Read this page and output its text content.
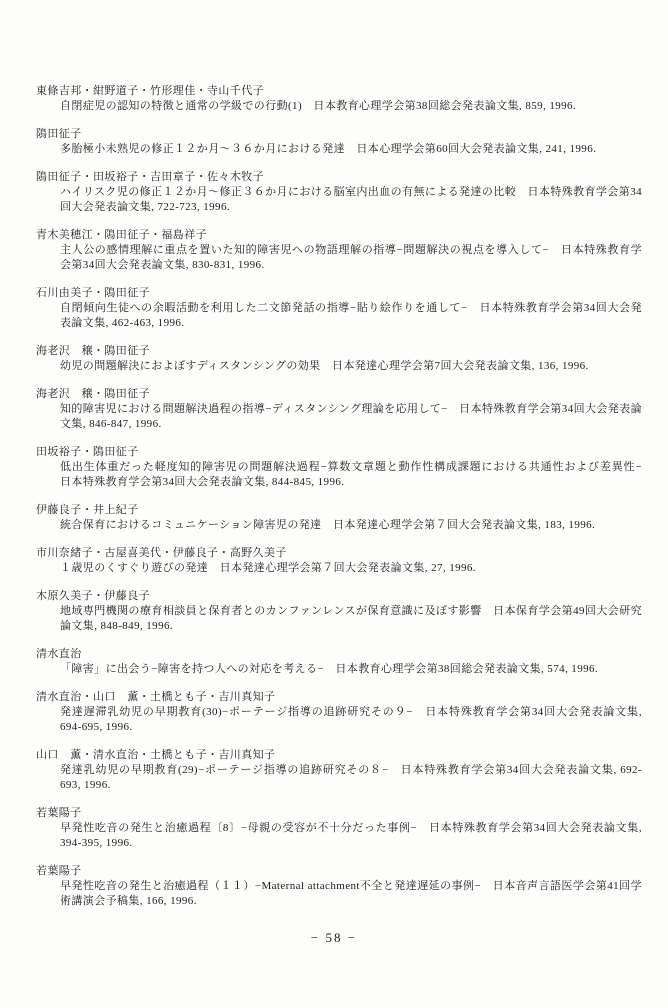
東條吉邦・紺野道子・竹形理佳・寺山千代子
自閉症児の認知の特徴と通常の学級での行動(1)　日本教育心理学会第38回総会発表論文集, 859, 1996.
隝田征子
多胎極小未熟児の修正１２か月〜３６か月における発達　日本心理学会第60回大会発表論文集, 241, 1996.
隝田征子・田坂裕子・吉田章子・佐々木牧子
ハイリスク児の修正１２か月〜修正３６か月における脳室内出血の有無による発達の比較　日本特殊教育学会第34回大会発表論文集, 722-723, 1996.
青木美穂江・隝田征子・福島祥子
主人公の感情理解に重点を置いた知的障害児への物語理解の指導−問題解決の視点を導入して−　日本特殊教育学会第34回大会発表論文集, 830-831, 1996.
石川由美子・隝田征子
自閉傾向生徒への余暇活動を利用した二文節発話の指導−貼り絵作りを通して−　日本特殊教育学会第34回大会発表論文集, 462-463, 1996.
海老沢　穣・隝田征子
幼児の問題解決におよぼすディスタンシングの効果　日本発達心理学会第7回大会発表論文集, 136, 1996.
海老沢　穣・隝田征子
知的障害児における問題解決過程の指導−ディスタンシング理論を応用して−　日本特殊教育学会第34回大会発表論文集, 846-847, 1996.
田坂裕子・隝田征子
低出生体重だった軽度知的障害児の問題解決過程−算数文章題と動作性構成課題における共通性および差異性−　日本特殊教育学会第34回大会発表論文集, 844-845, 1996.
伊藤良子・井上紀子
統合保育におけるコミュニケーション障害児の発達　日本発達心理学会第７回大会発表論文集, 183, 1996.
市川奈緒子・古屋喜美代・伊藤良子・高野久美子
１歳児のくすぐり遊びの発達　日本発達心理学会第７回大会発表論文集, 27, 1996.
木原久美子・伊藤良子
地域専門機関の療育相談員と保育者とのカンファンレンスが保育意識に及ぼす影響　日本保育学会第49回大会研究論文集, 848-849, 1996.
清水直治
「障害」に出会う−障害を持つ人への対応を考える−　日本教育心理学会第38回総会発表論文集, 574, 1996.
清水直治・山口　薫・土橋とも子・吉川真知子
発達遅滞乳幼児の早期教育(30)−ポーテージ指導の追跡研究その９−　日本特殊教育学会第34回大会発表論文集, 694-695, 1996.
山口　薫・清水直治・土橋とも子・吉川真知子
発達乳幼児の早期教育(29)−ポーテージ指導の追跡研究その８−　日本特殊教育学会第34回大会発表論文集, 692-693, 1996.
若葉陽子
早発性吃音の発生と治癒過程〔8〕−母親の受容が不十分だった事例−　日本特殊教育学会第34回大会発表論文集, 394-395, 1996.
若葉陽子
早発性吃音の発生と治癒過程（１１）−Maternal attachment不全と発達遅延の事例−　日本音声言語医学会第41回学術講演会予稿集, 166, 1996.
− 58 −
